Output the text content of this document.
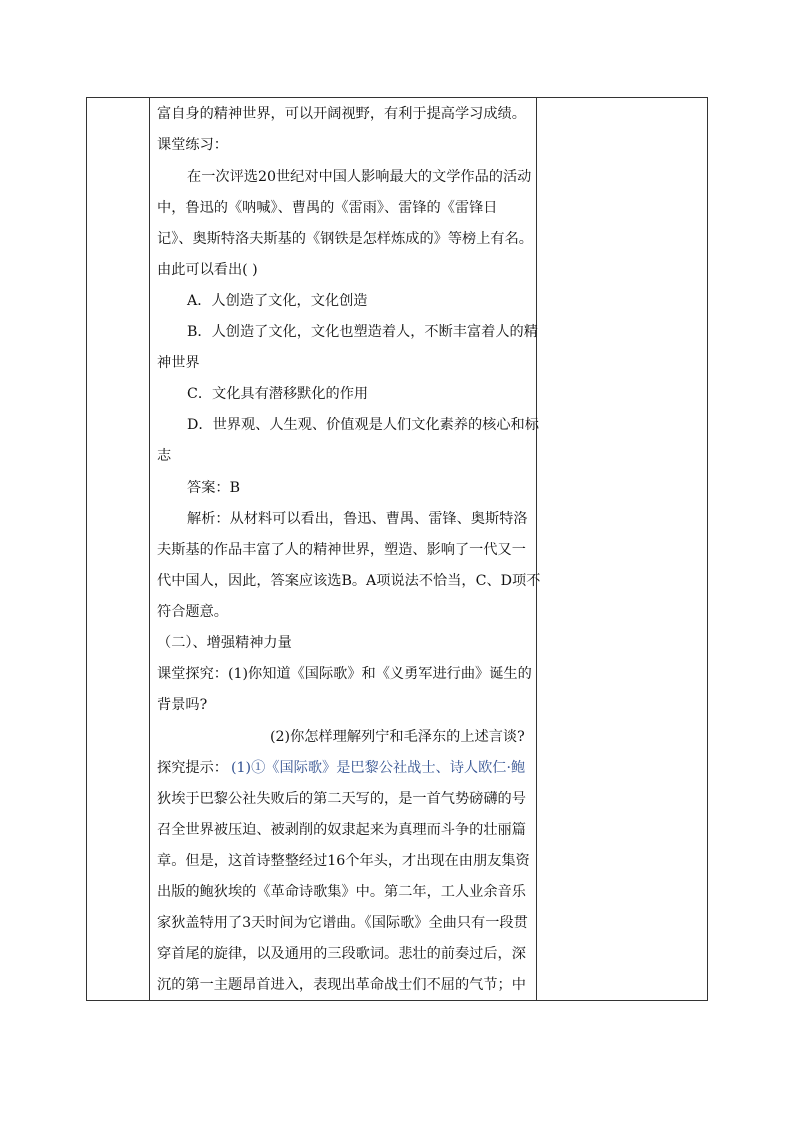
富自身的精神世界，可以开阔视野，有利于提高学习成绩。
课堂练习：
在一次评选20世纪对中国人影响最大的文学作品的活动
中，鲁迅的《呐喊》、曹禺的《雷雨》、雷锋的《雷锋日
记》、奥斯特洛夫斯基的《钢铁是怎样炼成的》等榜上有名。
由此可以看出( )
A．人创造了文化，文化创造
B．人创造了文化，文化也塑造着人，不断丰富着人的精
神世界
C．文化具有潜移默化的作用
D．世界观、人生观、价值观是人们文化素养的核心和标
志
答案：B
解析：从材料可以看出，鲁迅、曹禺、雷锋、奥斯特洛
夫斯基的作品丰富了人的精神世界，塑造、影响了一代又一
代中国人，因此，答案应该选B。A项说法不恰当，C、D项不
符合题意。
（二）、增强精神力量
课堂探究：(1)你知道《国际歌》和《义勇军进行曲》诞生的
背景吗?
(2)你怎样理解列宁和毛泽东的上述言谈?
探究提示： (1)①《国际歌》是巴黎公社战士、诗人欧仁·鲍
狄埃于巴黎公社失败后的第二天写的，是一首气势磅礴的号
召全世界被压迫、被剥削的奴隶起来为真理而斗争的壮丽篇
章。但是，这首诗整整经过16个年头，才出现在由朋友集资
出版的鲍狄埃的《革命诗歌集》中。第二年，工人业余音乐
家狄盖特用了3天时间为它谱曲。《国际歌》全曲只有一段贯
穿首尾的旋律，以及通用的三段歌词。悲壮的前奏过后，深
沉的第一主题昂首进入，表现出革命战士们不屈的气节；中
